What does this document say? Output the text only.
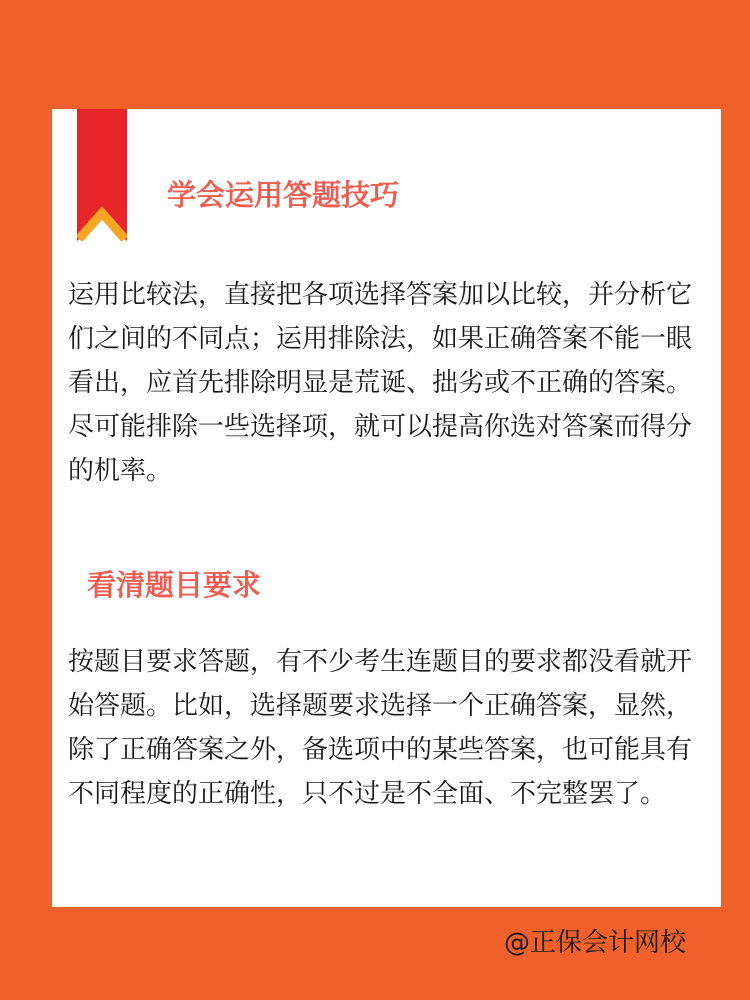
学会运用答题技巧

运用比较法，直接把各项选择答案加以比较，并分析它们之间的不同点；运用排除法，如果正确答案不能一眼看出，应首先排除明显是荒诞、拙劣或不正确的答案。尽可能排除一些选择项，就可以提高你选对答案而得分的机率。

看清题目要求

按题目要求答题，有不少考生连题目的要求都没看就开始答题。比如，选择题要求选择一个正确答案，显然，除了正确答案之外，备选项中的某些答案，也可能具有不同程度的正确性，只不过是不全面、不完整罢了。

@正保会计网校
